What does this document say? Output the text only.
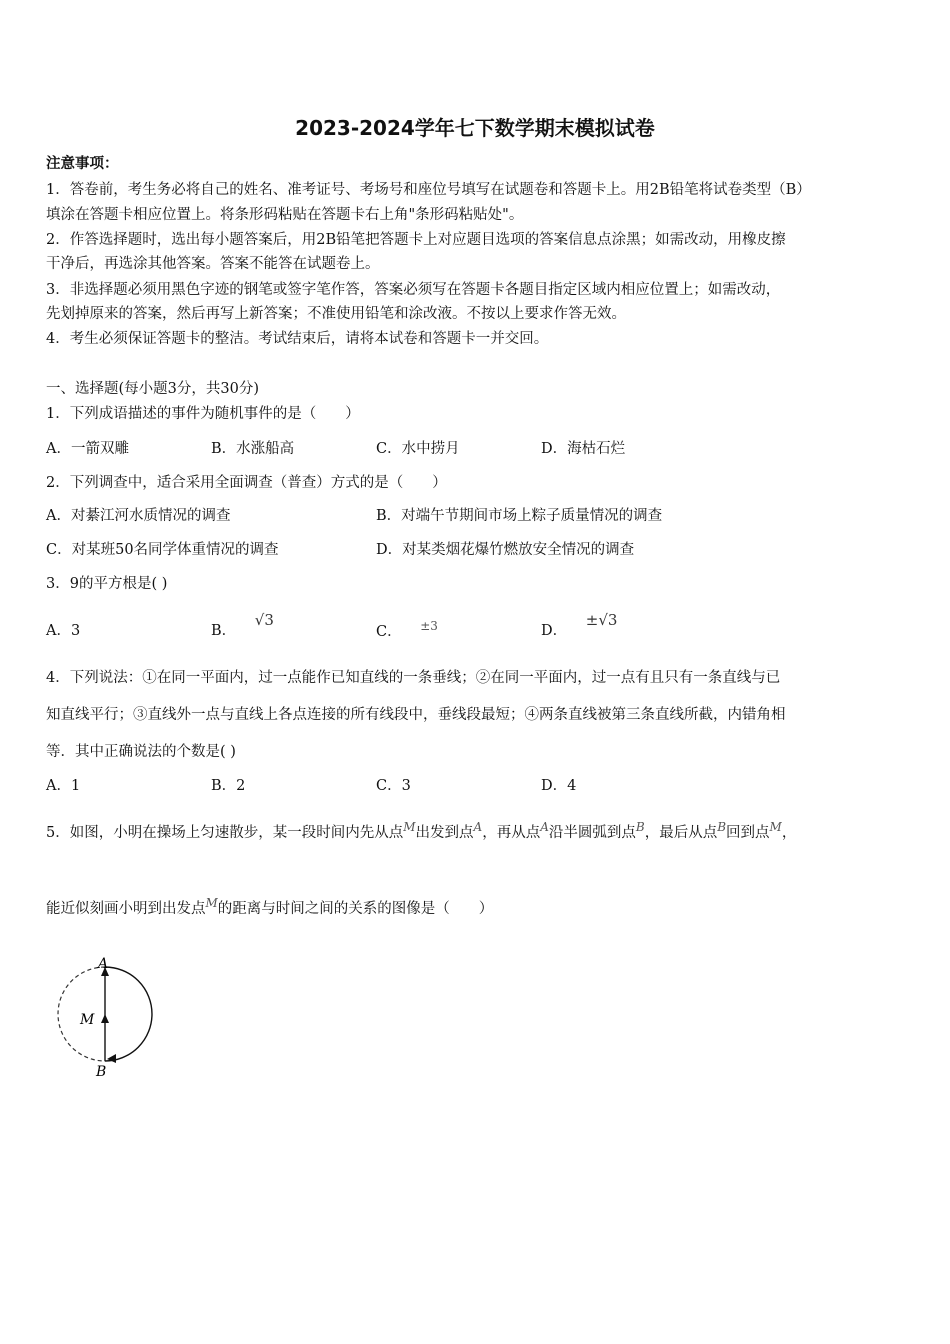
2023-2024学年七下数学期末模拟试卷
注意事项：
1．答卷前，考生务必将自己的姓名、准考证号、考场号和座位号填写在试题卷和答题卡上。用2B铅笔将试卷类型（B）
填涂在答题卡相应位置上。将条形码粘贴在答题卡右上角"条形码粘贴处"。
2．作答选择题时，选出每小题答案后，用2B铅笔把答题卡上对应题目选项的答案信息点涂黑；如需改动，用橡皮擦
干净后，再选涂其他答案。答案不能答在试题卷上。
3．非选择题必须用黑色字迹的钢笔或签字笔作答，答案必须写在答题卡各题目指定区域内相应位置上；如需改动，
先划掉原来的答案，然后再写上新答案；不准使用铅笔和涂改液。不按以上要求作答无效。
4．考生必须保证答题卡的整洁。考试结束后，请将本试卷和答题卡一并交回。
一、选择题(每小题3分，共30分)
1．下列成语描述的事件为随机事件的是（　　）
A．一箭双雕	B．水涨船高	C．水中捞月	D．海枯石烂
2．下列调查中，适合采用全面调查（普查）方式的是（　　）
A．对綦江河水质情况的调查	B．对端午节期间市场上粽子质量情况的调查
C．对某班50名同学体重情况的调查	D．对某类烟花爆竹燃放安全情况的调查
3．9的平方根是( )
A．3	B． √3
C． $^{\pm 3}$	D． ±√3
4．下列说法：①在同一平面内，过一点能作已知直线的一条垂线；②在同一平面内，过一点有且只有一条直线与已
知直线平行；③直线外一点与直线上各点连接的所有线段中，垂线段最短；④两条直线被第三条直线所截，内错角相
等．其中正确说法的个数是( )
A．1	B．2	C．3	D．4
5．如图，小明在操场上匀速散步，某一段时间内先从点$^M$出发到点$^A$，再从点$^A$沿半圆弧到点$^B$，最后从点$^B$回到点$^M$，
能近似刻画小明到出发点$^M$的距离与时间之间的关系的图像是（　　）
A
M
B
